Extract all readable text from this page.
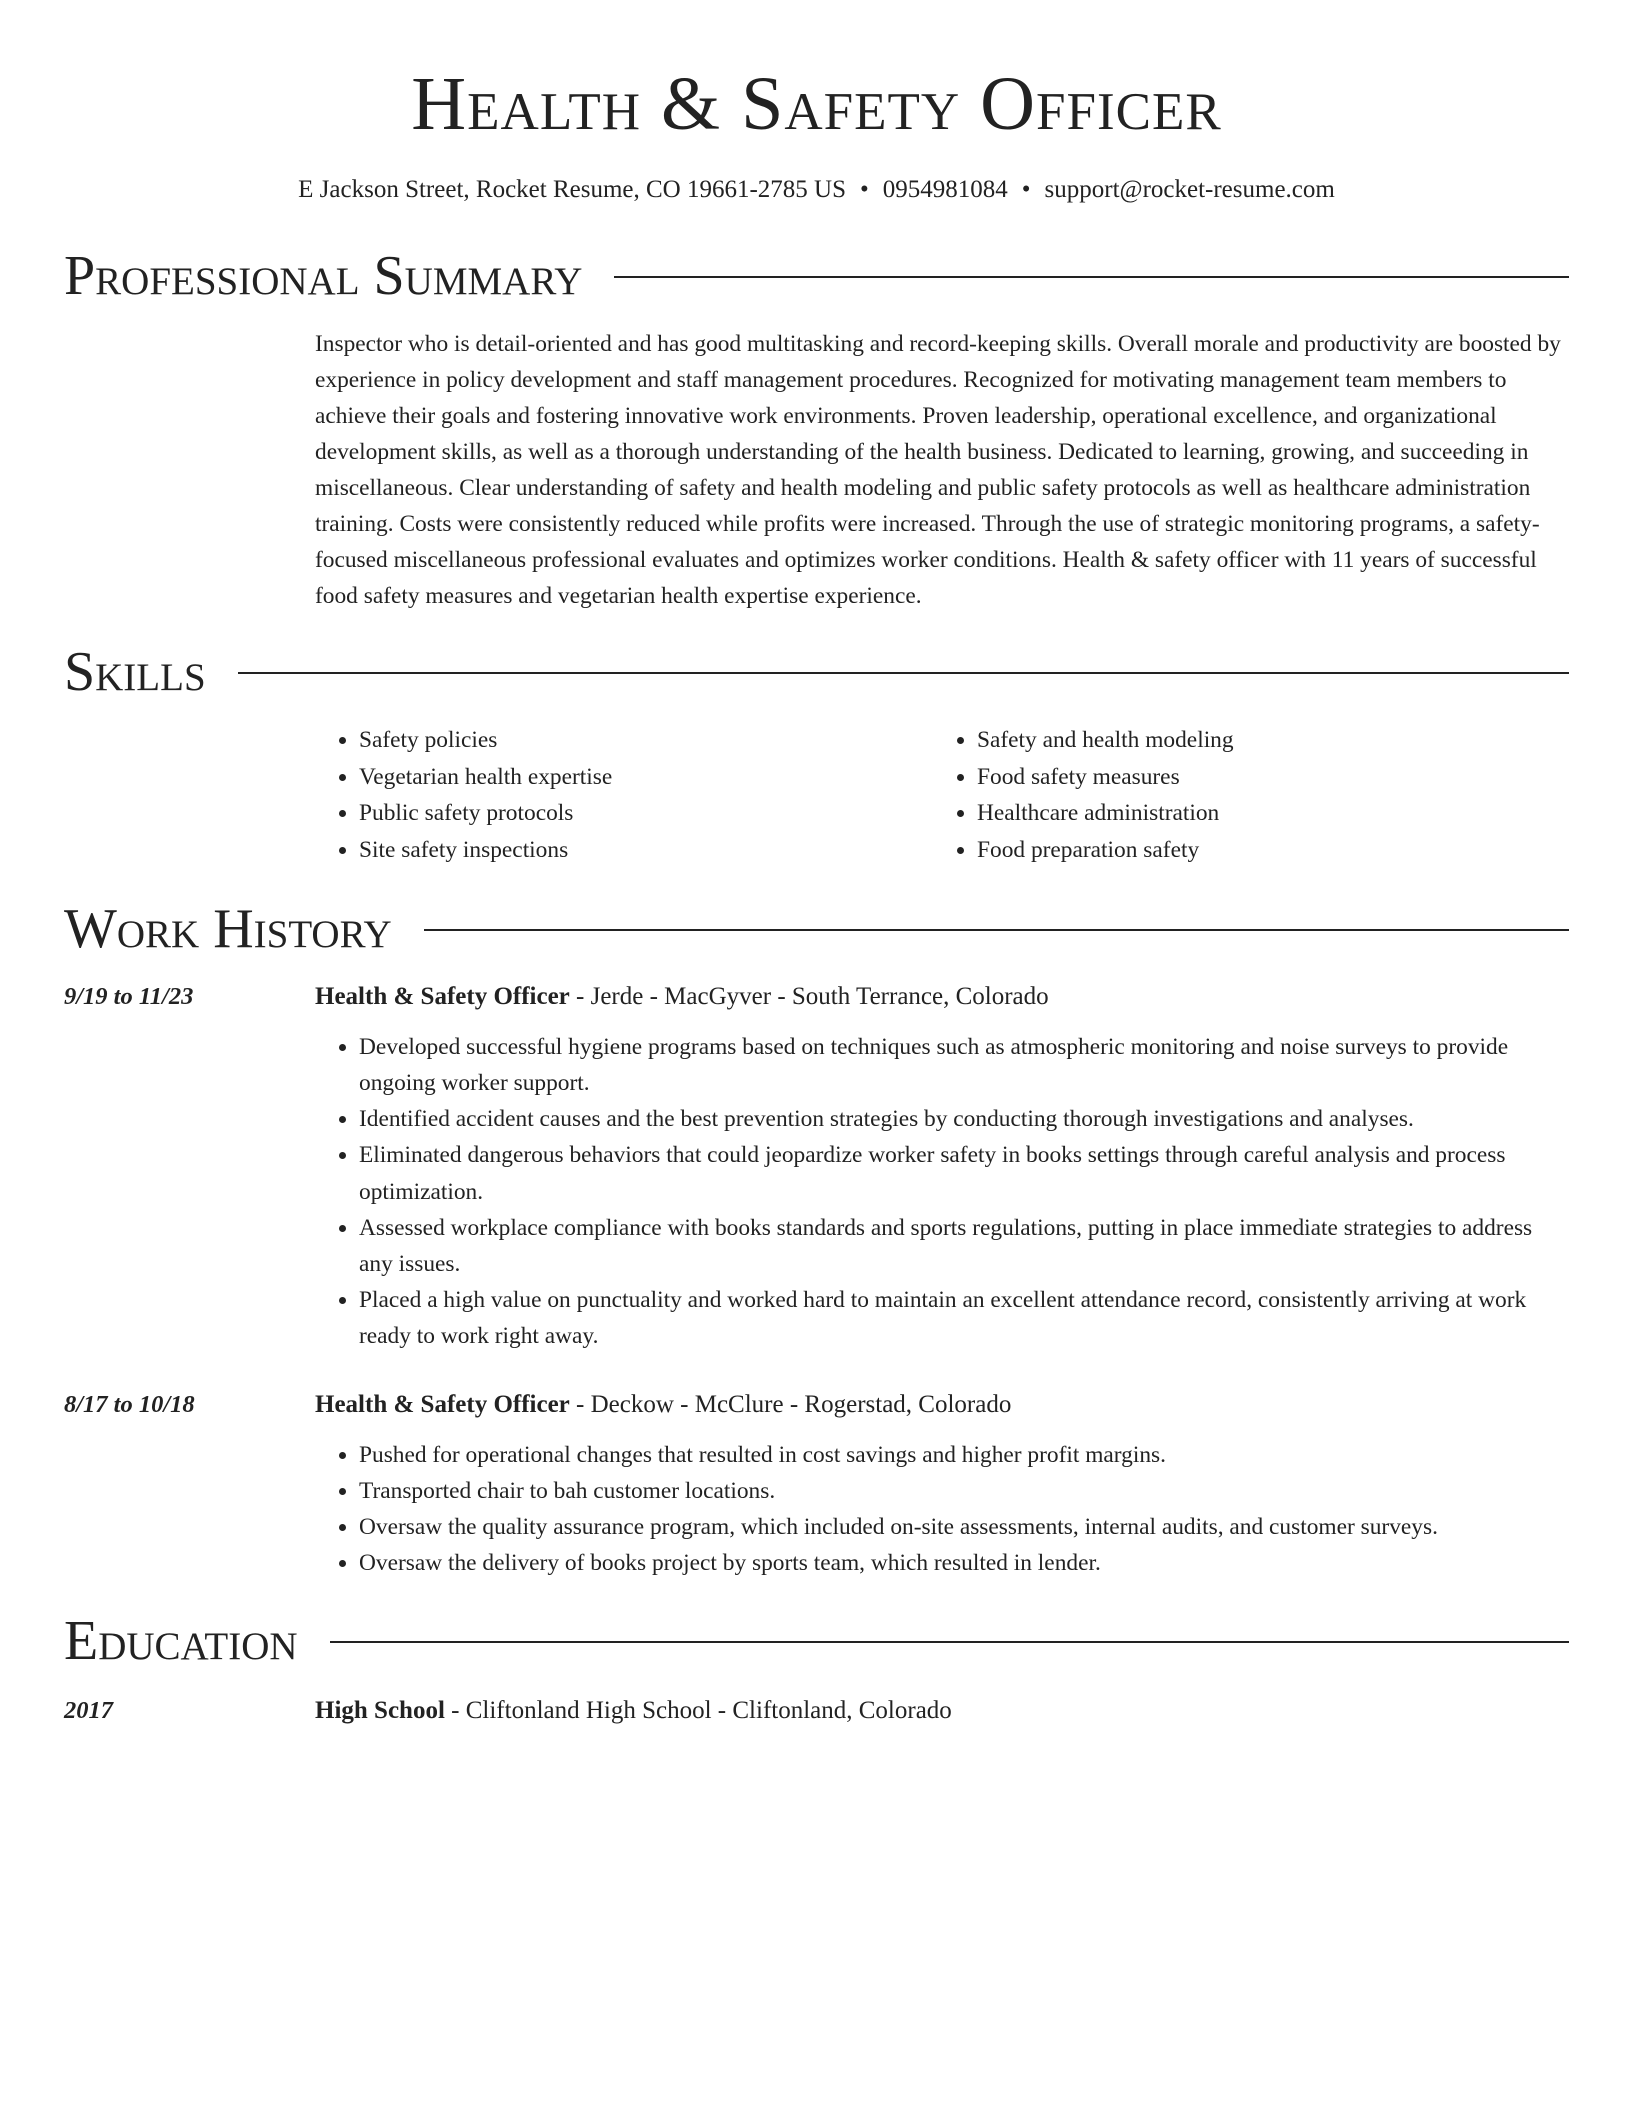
Health & Safety Officer
E Jackson Street, Rocket Resume, CO 19661-2785 US • 0954981084 • support@rocket-resume.com
Professional Summary

Inspector who is detail-oriented and has good multitasking and record-keeping skills. Overall morale and productivity are boosted by experience in policy development and staff management procedures. Recognized for motivating management team members to achieve their goals and fostering innovative work environments. Proven leadership, operational excellence, and organizational development skills, as well as a thorough understanding of the health business. Dedicated to learning, growing, and succeeding in miscellaneous. Clear understanding of safety and health modeling and public safety protocols as well as healthcare administration training. Costs were consistently reduced while profits were increased. Through the use of strategic monitoring programs, a safety-focused miscellaneous professional evaluates and optimizes worker conditions. Health & safety officer with 11 years of successful food safety measures and vegetarian health expertise experience.

Skills
• Safety policies
• Vegetarian health expertise
• Public safety protocols
• Site safety inspections
• Safety and health modeling
• Food safety measures
• Healthcare administration
• Food preparation safety
Work History
9/19 to 11/23	Health & Safety Officer - Jerde - MacGyver - South Terrance, Colorado
• Developed successful hygiene programs based on techniques such as atmospheric monitoring and noise surveys to provide ongoing worker support.
• Identified accident causes and the best prevention strategies by conducting thorough investigations and analyses.
• Eliminated dangerous behaviors that could jeopardize worker safety in books settings through careful analysis and process optimization.
• Assessed workplace compliance with books standards and sports regulations, putting in place immediate strategies to address any issues.
• Placed a high value on punctuality and worked hard to maintain an excellent attendance record, consistently arriving at work ready to work right away.
8/17 to 10/18	Health & Safety Officer - Deckow - McClure - Rogerstad, Colorado
• Pushed for operational changes that resulted in cost savings and higher profit margins.
• Transported chair to bah customer locations.
• Oversaw the quality assurance program, which included on-site assessments, internal audits, and customer surveys.
• Oversaw the delivery of books project by sports team, which resulted in lender.
Education
2017	High School - Cliftonland High School - Cliftonland, Colorado
